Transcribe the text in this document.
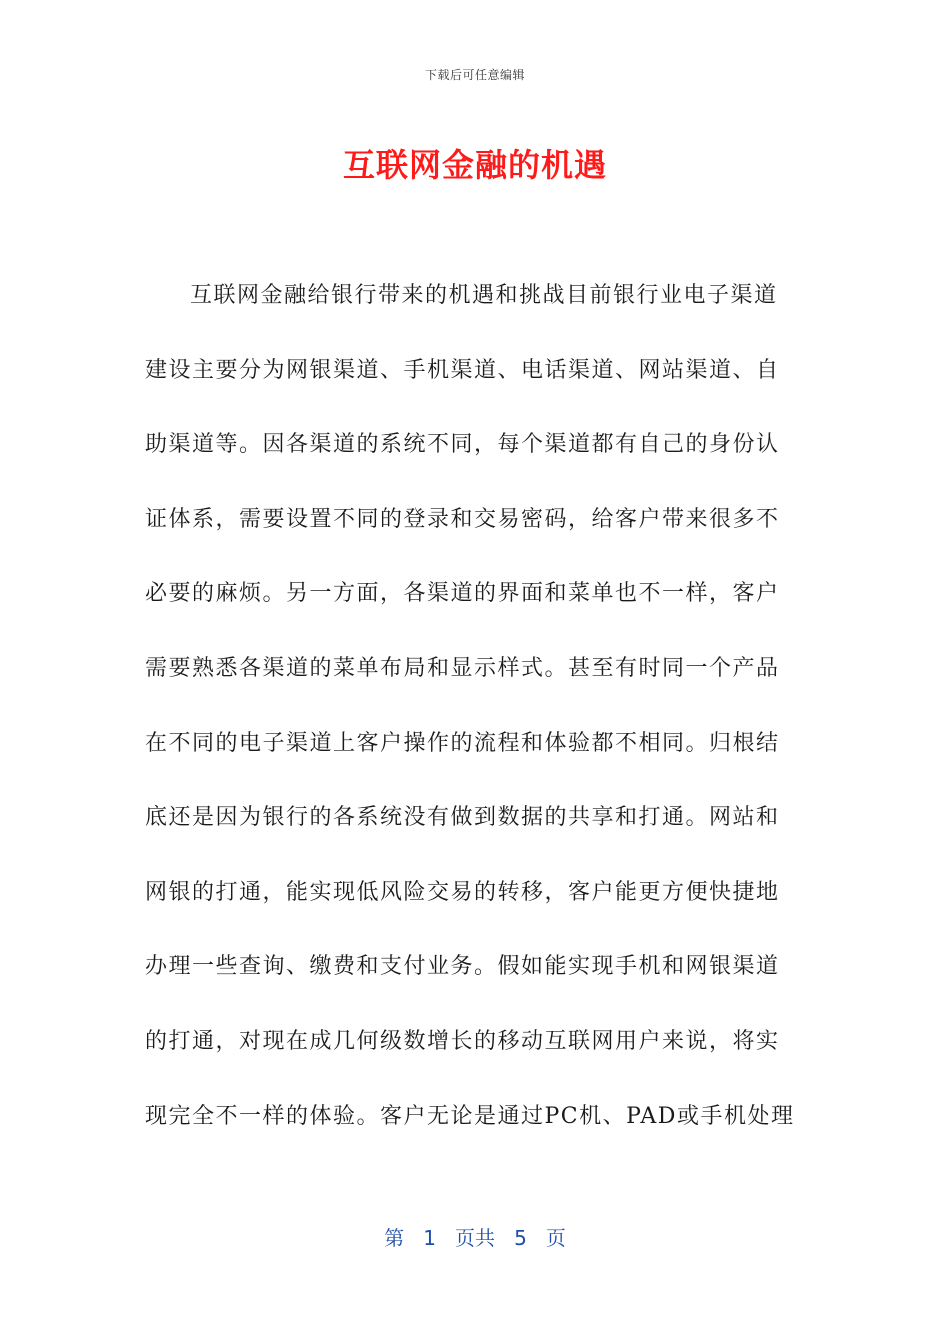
下载后可任意编辑
互联网金融的机遇
互联网金融给银行带来的机遇和挑战目前银行业电子渠道
建设主要分为网银渠道、手机渠道、电话渠道、网站渠道、自
助渠道等。因各渠道的系统不同，每个渠道都有自己的身份认
证体系，需要设置不同的登录和交易密码，给客户带来很多不
必要的麻烦。另一方面，各渠道的界面和菜单也不一样，客户
需要熟悉各渠道的菜单布局和显示样式。甚至有时同一个产品
在不同的电子渠道上客户操作的流程和体验都不相同。归根结
底还是因为银行的各系统没有做到数据的共享和打通。网站和
网银的打通，能实现低风险交易的转移，客户能更方便快捷地
办理一些查询、缴费和支付业务。假如能实现手机和网银渠道
的打通，对现在成几何级数增长的移动互联网用户来说，将实
现完全不一样的体验。客户无论是通过PC机、PAD或手机处理
第 1 页共 5 页
